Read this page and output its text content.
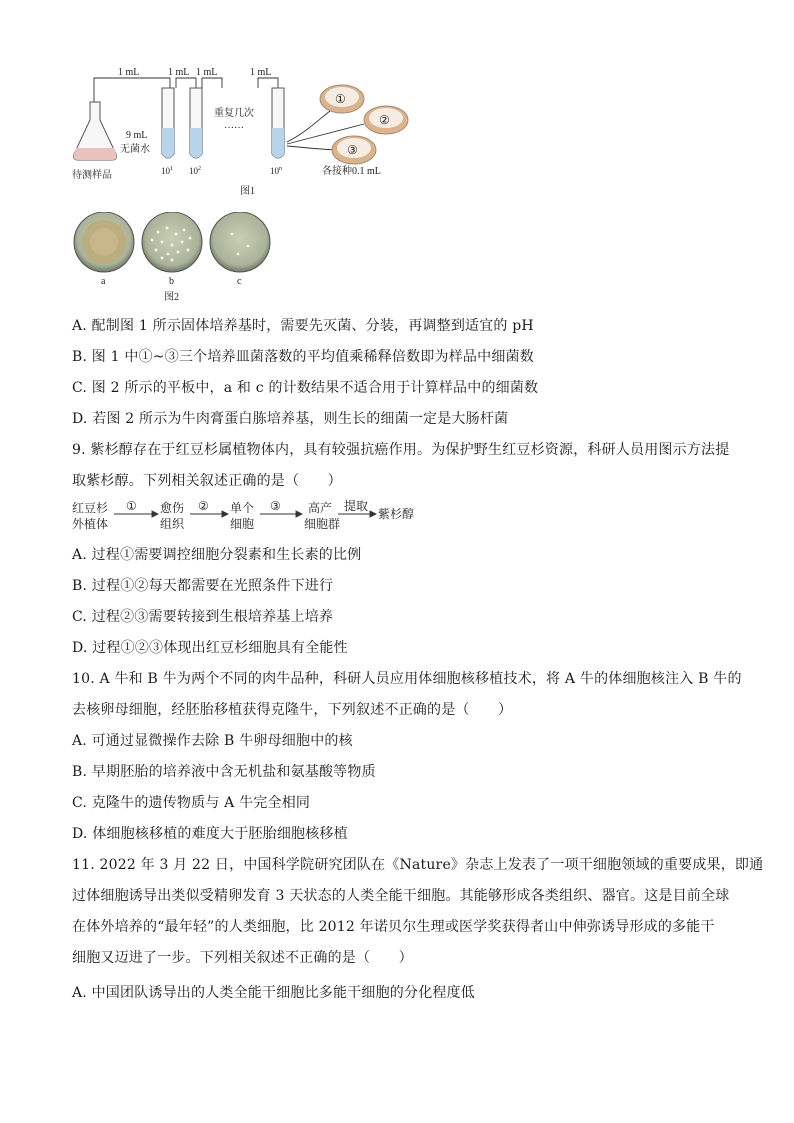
1 mL	1 mL 1 mL	1 mL
9 mL
无菌水
待测样品	$10^1$ $10^2$	10$^n$
重复几次
……
①
②
③
各接种0.1 mL
图1
a	b	c
图2
A. 配制图 1 所示固体培养基时，需要先灭菌、分装，再调整到适宜的 pH
B. 图 1 中①~③三个培养皿菌落数的平均值乘稀释倍数即为样品中细菌数
C. 图 2 所示的平板中，a 和 c 的计数结果不适合用于计算样品中的细菌数
D. 若图 2 所示为牛肉膏蛋白胨培养基，则生长的细菌一定是大肠杆菌
9. 紫杉醇存在于红豆杉属植物体内，具有较强抗癌作用。为保护野生红豆杉资源，科研人员用图示方法提
取紫杉醇。下列相关叙述正确的是（　　）
红豆杉
外植体
① 愈伤
组织
② 单个
细胞
③ 高产
细胞群
提取
紫杉醇
A. 过程①需要调控细胞分裂素和生长素的比例
B. 过程①②每天都需要在光照条件下进行
C. 过程②③需要转接到生根培养基上培养
D. 过程①②③体现出红豆杉细胞具有全能性
10. A 牛和 B 牛为两个不同的肉牛品种，科研人员应用体细胞核移植技术，将 A 牛的体细胞核注入 B 牛的
去核卵母细胞，经胚胎移植获得克隆牛，下列叙述不正确的是（　　）
A. 可通过显微操作去除 B 牛卵母细胞中的核
B. 早期胚胎的培养液中含无机盐和氨基酸等物质
C. 克隆牛的遗传物质与 A 牛完全相同
D. 体细胞核移植的难度大于胚胎细胞核移植
11. 2022 年 3 月 22 日，中国科学院研究团队在《Nature》杂志上发表了一项干细胞领域的重要成果，即通
过体细胞诱导出类似受精卵发育 3 天状态的人类全能干细胞。其能够形成各类组织、器官。这是目前全球
在体外培养的“最年轻”的人类细胞，比 2012 年诺贝尔生理或医学奖获得者山中伸弥诱导形成的多能干
细胞又迈进了一步。下列相关叙述不正确的是（　　）
A. 中国团队诱导出的人类全能干细胞比多能干细胞的分化程度低
